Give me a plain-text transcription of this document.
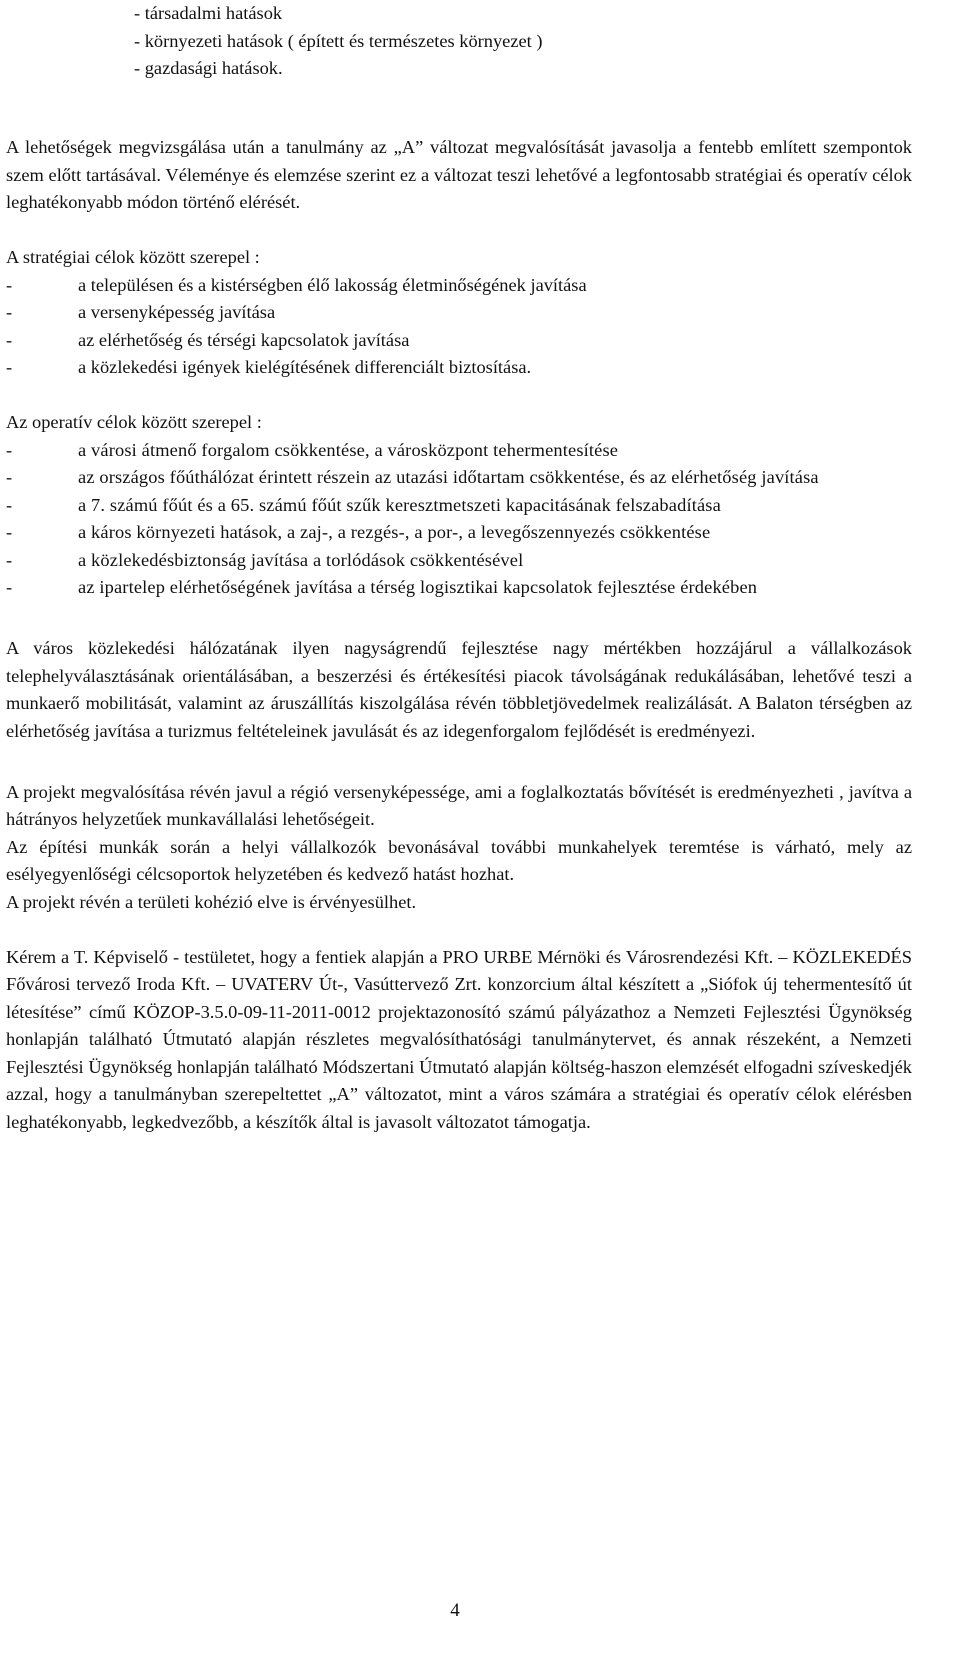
- társadalmi hatások
- környezeti hatások ( épített és természetes környezet )
- gazdasági hatások.

A lehetőségek megvizsgálása után a tanulmány az „A” változat megvalósítását javasolja a fentebb említett szempontok szem előtt tartásával. Véleménye és elemzése szerint ez a változat teszi lehetővé a legfontosabb stratégiai és operatív célok leghatékonyabb módon történő elérését.

A stratégiai célok között szerepel :

-	a településen és a kistérségben élő lakosság életminőségének javítása
-	a versenyképesség javítása
-	az elérhetőség és térségi kapcsolatok javítása
-	a közlekedési igények kielégítésének differenciált biztosítása.

Az operatív célok között szerepel :

-	a városi átmenő forgalom csökkentése, a városközpont tehermentesítése
-	az országos főúthálózat érintett részein az utazási időtartam csökkentése, és az elérhetőség javítása
-	a 7. számú főút és a 65. számú főút szűk keresztmetszeti kapacitásának felszabadítása
-	a káros környezeti hatások, a zaj-, a rezgés-, a por-, a levegőszennyezés csökkentése
-	a közlekedésbiztonság javítása a torlódások csökkentésével
-	az ipartelep elérhetőségének javítása a térség logisztikai kapcsolatok fejlesztése érdekében

A város közlekedési hálózatának ilyen nagyságrendű fejlesztése nagy mértékben hozzájárul a vállalkozások telephelyválasztásának orientálásában, a beszerzési és értékesítési piacok távolságának redukálásában, lehetővé teszi a munkaerő mobilitását, valamint az áruszállítás kiszolgálása révén többletjövedelmek realizálását. A Balaton térségben az elérhetőség javítása a turizmus feltételeinek javulását és az idegenforgalom fejlődését is eredményezi.

A projekt megvalósítása révén javul a régió versenyképessége, ami a foglalkoztatás bővítését is eredményezheti , javítva a hátrányos helyzetűek munkavállalási lehetőségeit.

Az építési munkák során a helyi vállalkozók bevonásával további munkahelyek teremtése is várható, mely az esélyegyenlőségi célcsoportok helyzetében és kedvező hatást hozhat.

A projekt révén a területi kohézió elve is érvényesülhet.

Kérem a T. Képviselő - testületet, hogy a fentiek alapján a PRO URBE Mérnöki és Városrendezési Kft. – KÖZLEKEDÉS Fővárosi tervező Iroda Kft. – UVATERV Út-, Vasúttervező Zrt. konzorcium által készített a „Siófok új tehermentesítő út létesítése” című KÖZOP-3.5.0-09-11-2011-0012 projektazonosító számú pályázathoz a Nemzeti Fejlesztési Ügynökség honlapján található Útmutató alapján részletes megvalósíthatósági tanulmánytervet, és annak részeként, a Nemzeti Fejlesztési Ügynökség honlapján található Módszertani Útmutató alapján költség-haszon elemzését elfogadni szíveskedjék azzal, hogy a tanulmányban szerepeltettet „A” változatot, mint a város számára a stratégiai és operatív célok elérésben leghatékonyabb, legkedvezőbb, a készítők által is javasolt változatot támogatja.

4
